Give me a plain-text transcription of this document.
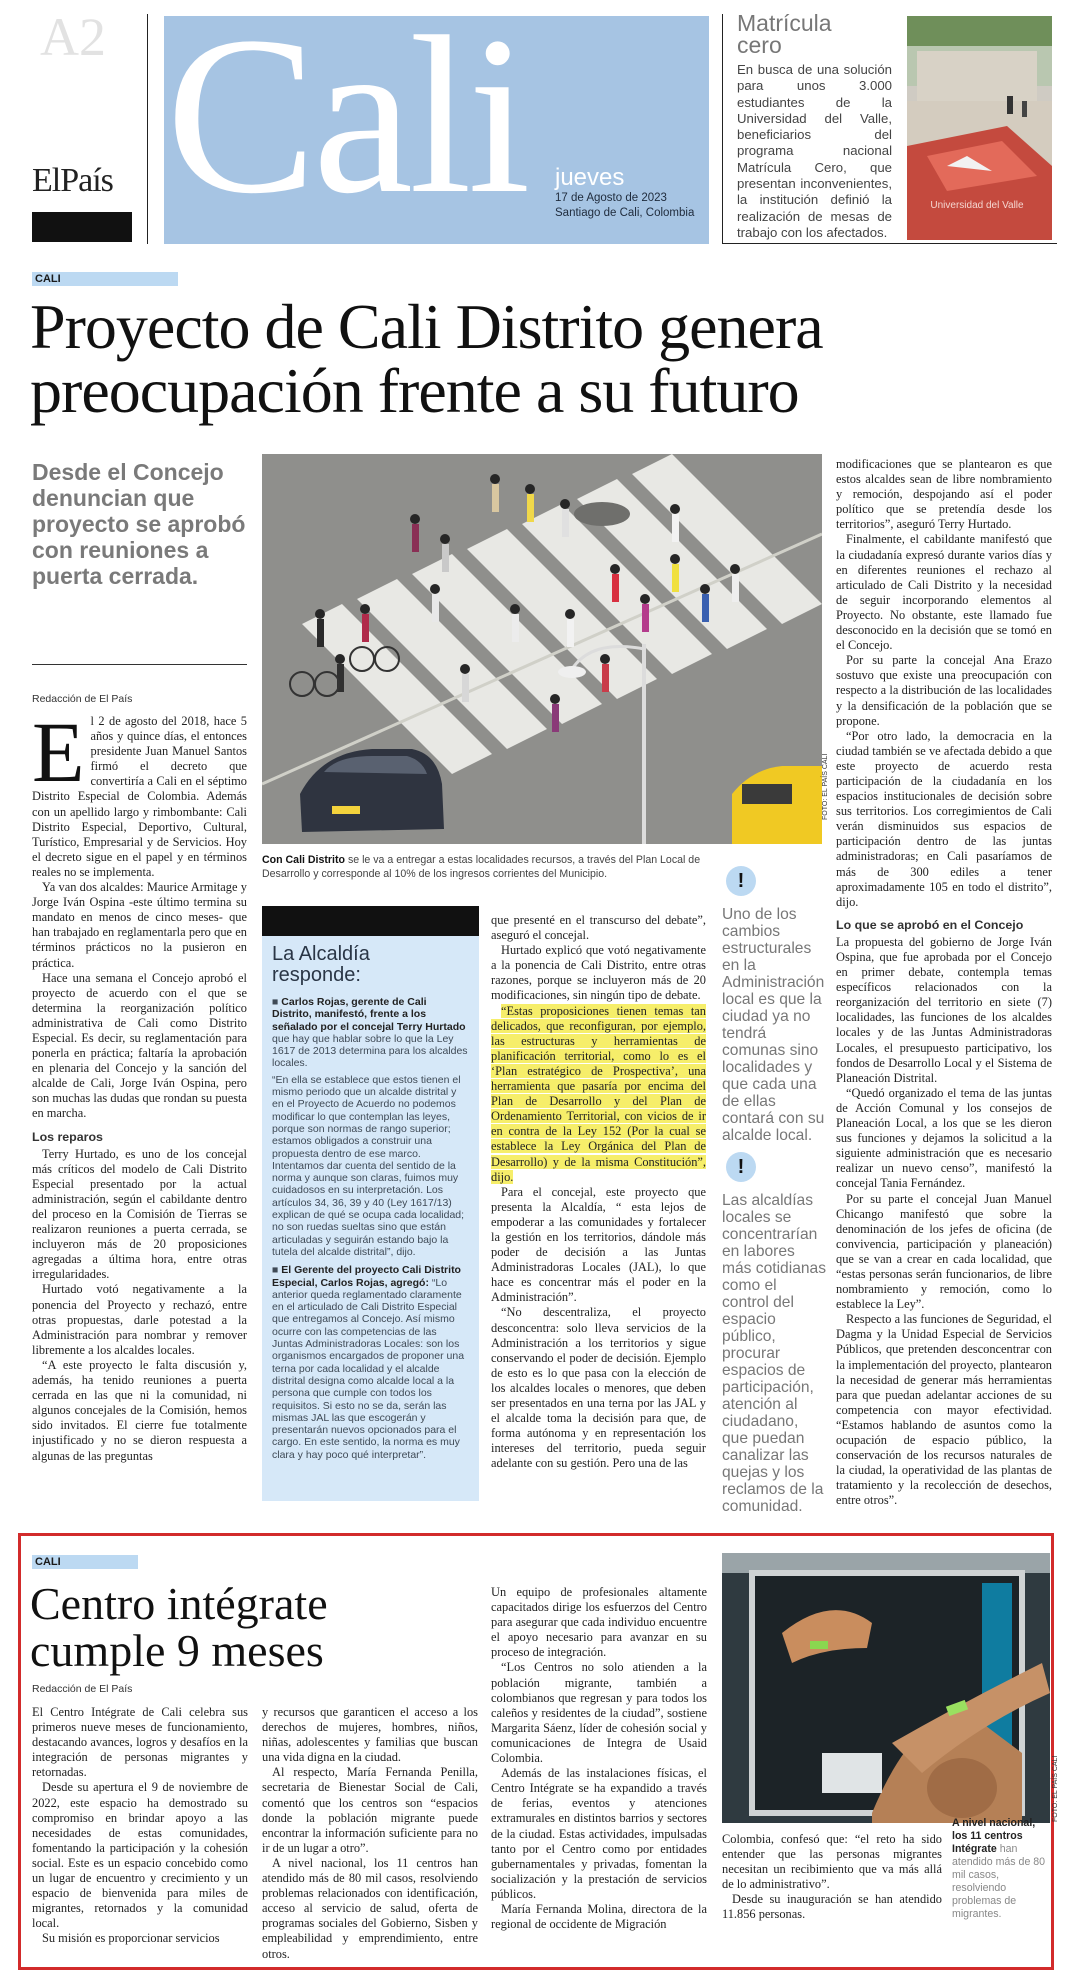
A2
ElPaís Cali jueves
17 de Agosto de 2023
Santiago de Cali, Colombia
Matrícula cero
En busca de una solución para unos 3.000 estudiantes de la Universidad del Valle, beneficiarios del programa nacional Matrícula Cero, que presentan inconvenientes, la institución definió la realización de mesas de trabajo con los afectados.
Universidad del Valle
CALI
Proyecto de Cali Distrito genera preocupación frente a su futuro
Desde el Concejo denuncian que proyecto se aprobó con reuniones a puerta cerrada.
Redacción de El País
FOTO: EL PAÍS CALI
Con Cali Distrito se le va a entregar a estas localidades recursos, a través del Plan Local de Desarrollo y corresponde al 10% de los ingresos corrientes del Municipio.
E l 2 de agosto del 2018, hace 5 años y quince días, el entonces presidente Juan Manuel Santos firmó el decreto que convertiría a Cali en el séptimo Distrito Especial de Colombia. Además con un apellido largo y rimbombante: Cali Distrito Especial, Deportivo, Cultural, Turístico, Empresarial y de Servicios. Hoy el decreto sigue en el papel y en términos reales no se implementa.

Ya van dos alcaldes: Maurice Armitage y Jorge Iván Ospina -este último termina su mandato en menos de cinco meses- que han trabajado en reglamentarla pero que en términos prácticos no la pusieron en práctica.

Hace una semana el Concejo aprobó el proyecto de acuerdo con el que se determina la reorganización político administrativa de Cali como Distrito Especial. Es decir, su reglamentación para ponerla en práctica; faltaría la aprobación en plenaria del Concejo y la sanción del alcalde de Cali, Jorge Iván Ospina, pero son muchas las dudas que rondan su puesta en marcha.

Los reparos

Terry Hurtado, es uno de los concejal más críticos del modelo de Cali Distrito Especial presentado por la actual administración, según el cabildante dentro del proceso en la Comisión de Tierras se realizaron reuniones a puerta cerrada, se incluyeron más de 20 proposiciones agregadas a última hora, entre otras irregularidades.

Hurtado votó negativamente a la ponencia del Proyecto y rechazó, entre otras propuestas, darle potestad a la Administración para nombrar y remover libremente a los alcaldes locales.

“A este proyecto le falta discusión y, además, ha tenido reuniones a puerta cerrada en las que ni la comunidad, ni algunos concejales de la Comisión, hemos sido invitados. El cierre fue totalmente injustificado y no se dieron respuesta a algunas de las preguntas

La Alcaldía responde:
■ Carlos Rojas, gerente de Cali Distrito, manifestó, frente a los señalado por el concejal Terry Hurtado que hay que hablar sobre lo que la Ley 1617 de 2013 determina para los alcaldes locales.
“En ella se establece que estos tienen el mismo periodo que un alcalde distrital y en el Proyecto de Acuerdo no podemos modificar lo que contemplan las leyes, porque son normas de rango superior; estamos obligados a construir una propuesta dentro de ese marco. Intentamos dar cuenta del sentido de la norma y aunque son claras, fuimos muy cuidadosos en su interpretación. Los artículos 34, 36, 39 y 40 (Ley 1617/13) explican de qué se ocupa cada localidad; no son ruedas sueltas sino que están articuladas y seguirán estando bajo la tutela del alcalde distrital”, dijo.
■ El Gerente del proyecto Cali Distrito Especial, Carlos Rojas, agregó: “Lo anterior queda reglamentado claramente en el articulado de Cali Distrito Especial que entregamos al Concejo. Así mismo ocurre con las competencias de las Juntas Administradoras Locales: son los organismos encargados de proponer una terna por cada localidad y el alcalde distrital designa como alcalde local a la persona que cumple con todos los requisitos. Si esto no se da, serán las mismas JAL las que escogerán y presentarán nuevos opcionados para el cargo. En este sentido, la norma es muy clara y hay poco qué interpretar”.

que presenté en el transcurso del debate”, aseguró el concejal.

Hurtado explicó que votó negativamente a la ponencia de Cali Distrito, entre otras razones, porque se incluyeron más de 20 modificaciones, sin ningún tipo de debate.

“Estas proposiciones tienen temas tan delicados, que reconfiguran, por ejemplo, las estructuras y herramientas de planificación territorial, como lo es el ‘Plan estratégico de Prospectiva’, una herramienta que pasaría por encima del Plan de Desarrollo y del Plan de Ordenamiento Territorial, con vicios de ir en contra de la Ley 152 (Por la cual se establece la Ley Orgánica del Plan de Desarrollo) y de la misma Constitución”, dijo.

Para el concejal, este proyecto que presenta la Alcaldía, “ esta lejos de empoderar a las comunidades y fortalecer la gestión en los territorios, dándole más poder de decisión a las Juntas Administradoras Locales (JAL), lo que hace es concentrar más el poder en la Administración”.

“No descentraliza, el proyecto desconcentra: solo lleva servicios de la Administración a los territorios y sigue conservando el poder de decisión. Ejemplo de esto es lo que pasa con la elección de los alcaldes locales o menores, que deben ser presentados en una terna por las JAL y el alcalde toma la decisión para que, de forma autónoma y en representación los intereses del territorio, pueda seguir adelante con su gestión. Pero una de las

!
Uno de los cambios estructurales en la Administración local es que la ciudad ya no tendrá comunas sino localidades y que cada una de ellas contará con su alcalde local.
!
Las alcaldías locales se concentrarían en labores más cotidianas como el control del espacio público, procurar espacios de participación, atención al ciudadano, que puedan canalizar las quejas y los reclamos de la comunidad.

modificaciones que se plantearon es que estos alcaldes sean de libre nombramiento y remoción, despojando así el poder político que se pretendía desde los territorios”, aseguró Terry Hurtado.

Finalmente, el cabildante manifestó que la ciudadanía expresó durante varios días y en diferentes reuniones el rechazo al articulado de Cali Distrito y la necesidad de seguir incorporando elementos al Proyecto. No obstante, este llamado fue desconocido en la decisión que se tomó en el Concejo.

Por su parte la concejal Ana Erazo sostuvo que existe una preocupación con respecto a la distribución de las localidades y la densificación de la población que se propone.

“Por otro lado, la democracia en la ciudad también se ve afectada debido a que este proyecto de acuerdo resta participación de la ciudadanía en los espacios institucionales de decisión sobre sus territorios. Los corregimientos de Cali verán disminuidos sus espacios de participación dentro de las juntas administradoras; en Cali pasaríamos de más de 300 ediles a tener aproximadamente 105 en todo el distrito”, dijo.

Lo que se aprobó en el Concejo

La propuesta del gobierno de Jorge Iván Ospina, que fue aprobada por el Concejo en primer debate, contempla temas específicos relacionados con la reorganización del territorio en siete (7) localidades, las funciones de los alcaldes locales y de las Juntas Administradoras Locales, el presupuesto participativo, los fondos de Desarrollo Local y el Sistema de Planeación Distrital.

“Quedó organizado el tema de las juntas de Acción Comunal y los consejos de Planeación Local, a los que se les dieron sus funciones y dejamos la solicitud a la siguiente administración que es necesario realizar un nuevo censo”, manifestó la concejal Tania Fernández.

Por su parte el concejal Juan Manuel Chicango manifestó que sobre la denominación de los jefes de oficina (de convivencia, participación y planeación) que se van a crear en cada localidad, que “estas personas serán funcionarios, de libre nombramiento y remoción, como lo establece la Ley”.

Respecto a las funciones de Seguridad, el Dagma y la Unidad Especial de Servicios Públicos, que pretenden desconcentrar con la implementación del proyecto, plantearon la necesidad de generar más herramientas para que puedan adelantar acciones de su competencia con mayor efectividad. “Estamos hablando de asuntos como la ocupación de espacio público, la conservación de los recursos naturales de la ciudad, la operatividad de las plantas de tratamiento y la recolección de desechos, entre otros”.

CALI
Centro intégrate cumple 9 meses
Redacción de El País

El Centro Intégrate de Cali celebra sus primeros nueve meses de funcionamiento, destacando avances, logros y desafíos en la integración de personas migrantes y retornadas.

Desde su apertura el 9 de noviembre de 2022, este espacio ha demostrado su compromiso en brindar apoyo a las necesidades de estas comunidades, fomentando la participación y la cohesión social. Este es un espacio concebido como un lugar de encuentro y crecimiento y un espacio de bienvenida para miles de migrantes, retornados y la comunidad local.

Su misión es proporcionar servicios

y recursos que garanticen el acceso a los derechos de mujeres, hombres, niños, niñas, adolescentes y familias que buscan una vida digna en la ciudad.

Al respecto, María Fernanda Penilla, secretaria de Bienestar Social de Cali, comentó que los centros son “espacios donde la población migrante puede encontrar la información suficiente para no ir de un lugar a otro”.

A nivel nacional, los 11 centros han atendido más de 80 mil casos, resolviendo problemas relacionados con identificación, acceso al servicio de salud, oferta de programas sociales del Gobierno, Sisben y empleabilidad y emprendimiento, entre otros.

Un equipo de profesionales altamente capacitados dirige los esfuerzos del Centro para asegurar que cada individuo encuentre el apoyo necesario para avanzar en su proceso de integración.

“Los Centros no solo atienden a la población migrante, también a colombianos que regresan y para todos los caleños y residentes de la ciudad”, sostiene Margarita Sáenz, líder de cohesión social y comunicaciones de Integra de Usaid Colombia.

Además de las instalaciones físicas, el Centro Intégrate se ha expandido a través de ferias, eventos y atenciones extramurales en distintos barrios y sectores de la ciudad. Estas actividades, impulsadas tanto por el Centro como por entidades gubernamentales y privadas, fomentan la socialización y la prestación de servicios públicos.

María Fernanda Molina, directora de la regional de occidente de Migración

FOTO: EL PAÍS CALI

Colombia, confesó que: “el reto ha sido entender que las personas migrantes necesitan un recibimiento que va más allá de lo administrativo”.

Desde su inauguración se han atendido 11.856 personas.

A nivel nacional, los 11 centros Intégrate han atendido más de 80 mil casos, resolviendo problemas de migrantes.
